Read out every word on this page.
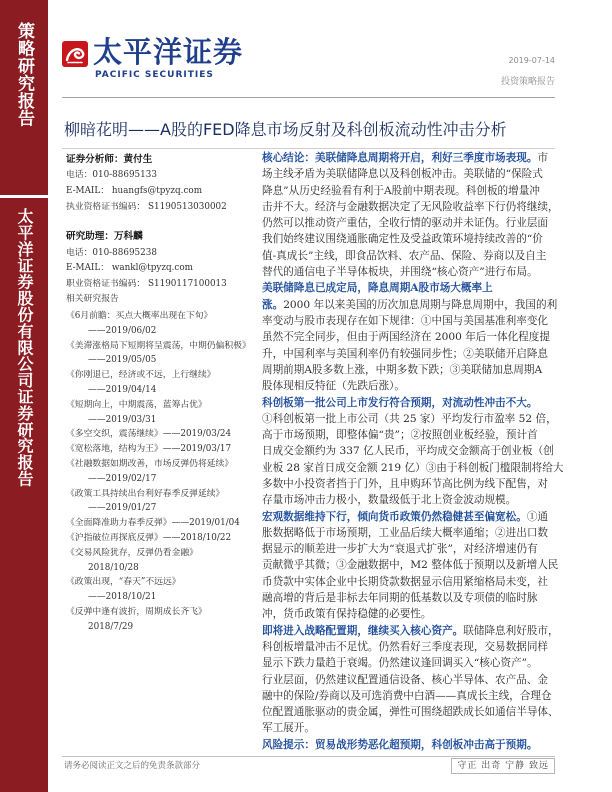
策略研究报告
太平洋证券股份有限公司证券研究报告
太平洋证券
PACIFIC SECURITIES
2019-07-14
投资策略报告
柳暗花明——A股的FED降息市场反射及科创板流动性冲击分析
证券分析师：黄付生
电话：010-88695133
E-MAIL： huangfs@tpyzq.com
执业资格证书编码： S1190513030002
研究助理：万科麟
电话：010-88695238
E-MAIL： wankl@tpyzq.com
职业资格证书编码： S1190117100013
相关研究报告
《6月前瞻：买点大概率出现在下旬》
——2019/06/02
《美滞涨格局下短期将呈震荡，中期仍偏积极》
——2019/05/05
《你刚退已，经济或不远，上行继续》
——2019/04/14
《短期向上，中期震荡，蓝筹占优》
——2019/03/31
《多空交织，震荡继续》——2019/03/24
《宽松落地，结构为王》——2019/03/17
《社融数据如期改善，市场反弹仍将延续》
——2019/02/17
《政策工具持续出台利好春季反弹延续》
——2019/01/27
《全面降准助力春季反弹》——2019/01/04
《沪指破位再探底反弹》——2018/10/22
《交易风险犹存，反弹仍看金融》
2018/10/28
《政策出现，“春天”不远远》
——2018/10/21
《反弹中逢有波折，周期成长齐飞》
2018/7/29
核心结论：美联储降息周期将开启，利好三季度市场表现。市
场主线矛盾为美联储降息以及科创板冲击。美联储的“保险式
降息”从历史经验看有利于A股前中期表现。科创板的增量冲
击并不大。经济与金融数据决定了无风险收益率下行仍将继续，
仍然可以推动资产重估，全收行情的驱动并未证伪。行业层面
我们始终建议围绕通胀确定性及受益政策环境持续改善的“价
值-真成长”主线，即食品饮料、农产品、保险、券商以及自主
替代的通信电子半导体板块，并围绕“核心资产”进行布局。
美联储降息已成定局，降息周期A股市场大概率上
涨。2000 年以来美国的历次加息周期与降息周期中，我国的利
率变动与股市表现存在如下规律：①中国与美国基准利率变化
虽然不完全同步，但由于两国经济在 2000 年后一体化程度提
升，中国利率与美国利率仍有较强同步性；②美联储开启降息
周期前期A股多数上涨，中期多数下跌；③美联储加息周期A
股体现相反特征（先跌后涨）。
科创板第一批公司上市发行符合预期，对流动性冲击不大。
①科创板第一批上市公司（共 25 家）平均发行市盈率 52 倍，
高于市场预期，即整体偏“贵”；②按照创业板经验，预计首
日成交金额约为 337 亿人民币，平均成交金额高于创业板（创
业板 28 家首日成交金额 219 亿）③由于科创板门槛限制将给大
多数中小投资者挡于门外，且申购环节高比例为线下配售，对
存量市场冲击力极小，数量级低于北上资金波动规模。
宏观数据维持下行，倾向货币政策仍然稳健甚至偏宽松。①通
胀数据略低于市场预期，工业品后续大概率通缩；②进出口数
据显示的顺差进一步扩大为“衰退式扩张”，对经济增速仍有
贡献微乎其微；③金融数据中，M2 整体低于预期以及新增人民
币贷款中实体企业中长期贷款数据显示信用紧缩格局未变，社
融高增的背后是非标去年同期的低基数以及专项债的临时脉
冲，货币政策有保持稳健的必要性。
即将进入战略配置期，继续买入核心资产。联储降息利好股市，
科创板增量冲击不足忧。仍然看好三季度表现，交易数据同样
显示下跌力量趋于衰竭。仍然建议逢回调买入“核心资产”。
行业层面，仍然建议配置通信设备、核心半导体、农产品、金
融中的保险/券商以及可选消费中白酒——真成长主线，合理仓
位配置通胀驱动的贵金属，弹性可围绕超跌成长如通信半导体、
军工展开。
风险提示：贸易战形势恶化超预期，科创板冲击高于预期。
请务必阅读正文之后的免责条款部分	守正 出奇 宁静 致远
